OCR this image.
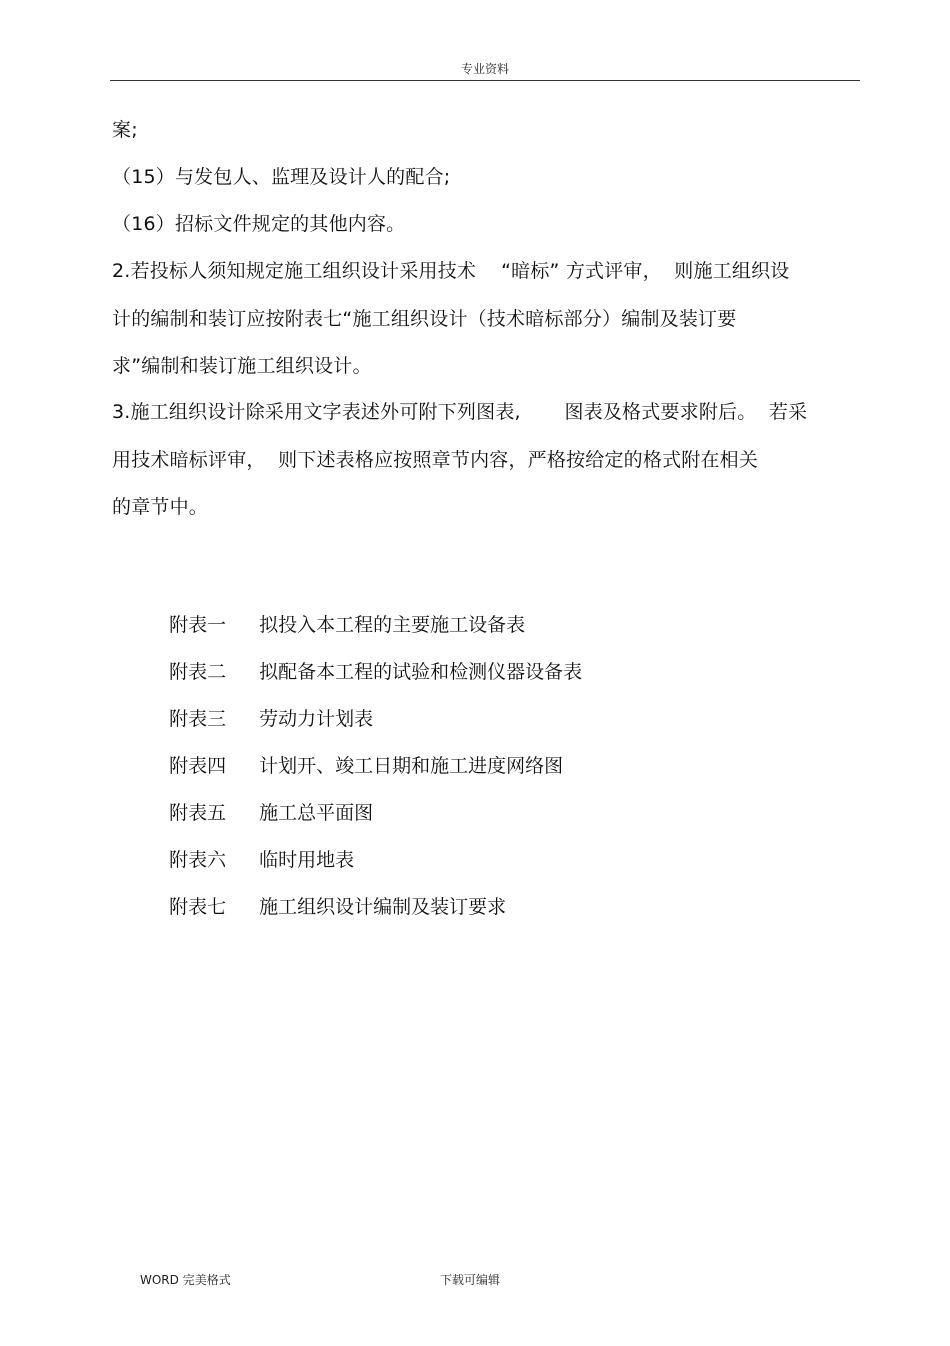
专业资料
案;
（15）与发包人、监理及设计人的配合;
（16）招标文件规定的其他内容。
2.若投标人须知规定施工组织设计采用技术    “暗标” 方式评审，  则施工组织设
计的编制和装订应按附表七“施工组织设计（技术暗标部分）编制及装订要
求”编制和装订施工组织设计。
3.施工组织设计除采用文字表述外可附下列图表,       图表及格式要求附后。  若采
用技术暗标评审，  则下述表格应按照章节内容，严格按给定的格式附在相关
的章节中。

附表一 拟投入本工程的主要施工设备表

附表二 拟配备本工程的试验和检测仪器设备表

附表三 劳动力计划表

附表四 计划开、竣工日期和施工进度网络图

附表五 施工总平面图

附表六 临时用地表

附表七 施工组织设计编制及装订要求

WORD 完美格式	下载可编辑
